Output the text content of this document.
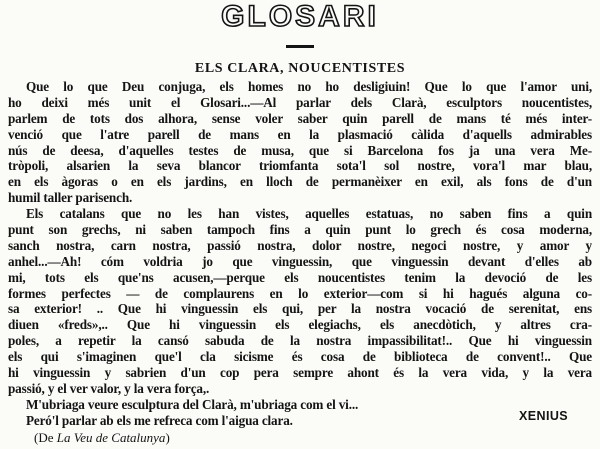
GLOSARI
ELS CLARA, NOUCENTISTES
Que lo que Deu conjuga, els homes no ho desligiuin! Que lo que l'amor uni,
ho deixi més unit el Glosari...—Al parlar dels Clarà, esculptors noucentistes,
parlem de tots dos alhora, sense voler saber quin parell de mans té més inter-
venció que l'atre parell de mans en la plasmació càlida d'aquells admirables
nús de deesa, d'aquelles testes de musa, que si Barcelona fos ja una vera Me-
tròpoli, alsarien la seva blancor triomfanta sota'l sol nostre, vora'l mar blau,
en els àgoras o en els jardins, en lloch de permanèixer en exil, als fons de d'un
humil taller parisench.
Els catalans que no les han vistes, aquelles estatuas, no saben fins a quin
punt son grechs, ni saben tampoch fins a quin punt lo grech és cosa moderna,
sanch nostra, carn nostra, passió nostra, dolor nostre, negoci nostre, y amor y
anhel...—Ah! cóm voldria jo que vinguessin, que vinguessin devant d'elles ab
mi, tots els que'ns acusen,—perque els noucentistes tenim la devoció de les
formes perfectes — de complaurens en lo exterior—com si hi hagués alguna co-
sa exterior! .. Que hi vinguessin els qui, per la nostra vocació de serenitat, ens
diuen «freds»,.. Que hi vinguessin els elegiachs, els anecdòtich, y altres cra-
poles, a repetir la cansó sabuda de la nostra impassibilitat!.. Que hi vinguessin
els qui s'imaginen que'l cla sicisme és cosa de biblioteca de convent!.. Que
hi vinguessin y sabrien d'un cop pera sempre ahont és la vera vida, y la vera
passió, y el ver valor, y la vera força,.
M'ubriaga veure esculptura del Clarà, m'ubriaga com el vi...
Peró'l parlar ab els me refreca com l'aigua clara.	XENIUS
(De La Veu de Catalunya)
